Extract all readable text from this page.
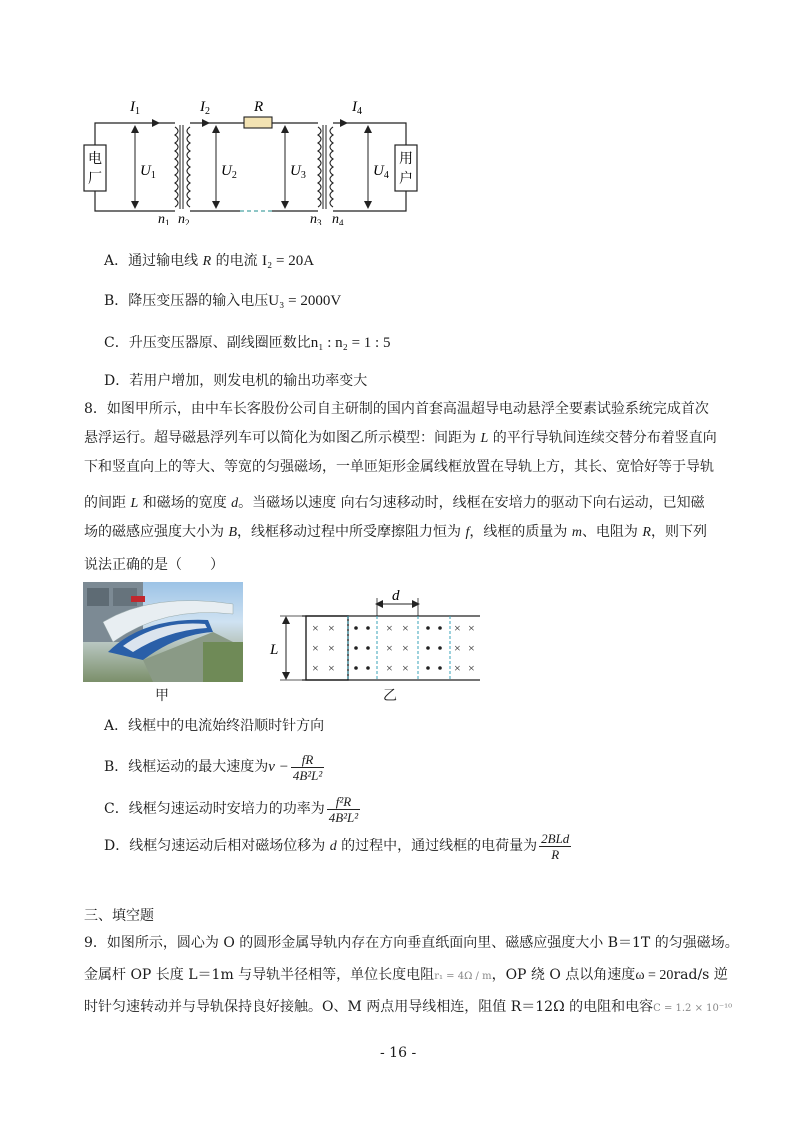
$I_1$	$I_2$	R	$I_4$
电
厂
用
户
$U_1$	$U_2$	$U_3$	$U_4$
$n_1$ $n_2$	$n_3$ $n_4$
A．通过输电线 R 的电流 I₂ = 20A
B．降压变压器的输入电压U₃ = 2000V
C．升压变压器原、副线圈匝数比n₁ : n₂ = 1 : 5
D．若用户增加，则发电机的输出功率变大
8．如图甲所示，由中车长客股份公司自主研制的国内首套高温超导电动悬浮全要素试验系统完成首次
悬浮运行。超导磁悬浮列车可以简化为如图乙所示模型：间距为 L 的平行导轨间连续交替分布着竖直向
下和竖直向上的等大、等宽的匀强磁场，一单匝矩形金属线框放置在导轨上方，其长、宽恰好等于导轨
的间距 L 和磁场的宽度 d。当磁场以速度 向右匀速移动时，线框在安培力的驱动下向右运动，已知磁
场的磁感应强度大小为 B，线框移动过程中所受摩擦阻力恒为 f，线框的质量为 m、电阻为 R，则下列
说法正确的是（　　）
甲
L
d
× ×
× ×
× ×
× ×
× ×
× ×
× ×
× ×
× ×
乙
A．线框中的电流始终沿顺时针方向
B．线框运动的最大速度为$v - \frac{fR}{\text{4B²L²}}$
C．线框匀速运动时安培力的功率为 $\frac{\text{f²R}}{\text{4B²L²}}$
D．线框匀速运动后相对磁场位移为 d 的过程中，通过线框的电荷量为 $\frac{\text{2BLd}}{R}$
三、填空题
9．如图所示，圆心为 O 的圆形金属导轨内存在方向垂直纸面向里、磁感应强度大小 B＝1T 的匀强磁场。
金属杆 OP 长度 L＝1m 与导轨半径相等，单位长度电阻r₁ = 4Ω / m，OP 绕 O 点以角速度ω = 20rad/s 逆
时针匀速转动并与导轨保持良好接触。O、M 两点用导线相连，阻值 R＝12Ω 的电阻和电容C = 1.2 × 10⁻¹⁰
- 16 -
